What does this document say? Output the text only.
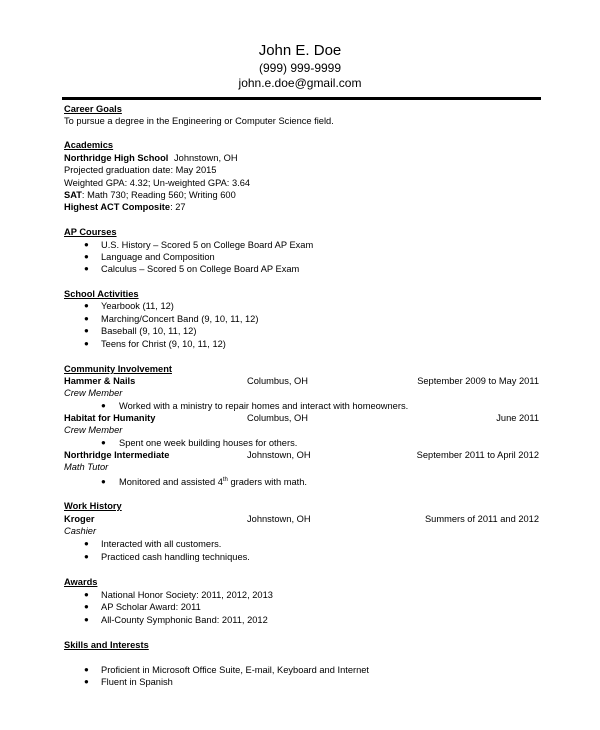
John E. Doe
(999) 999-9999
john.e.doe@gmail.com
Career Goals
To pursue a degree in the Engineering or Computer Science field.
Academics
Northridge High School Johnstown, OH
Projected graduation date: May 2015
Weighted GPA: 4.32; Un-weighted GPA: 3.64
SAT: Math 730; Reading 560; Writing 600
Highest ACT Composite: 27
AP Courses
● U.S. History – Scored 5 on College Board AP Exam
● Language and Composition
● Calculus – Scored 5 on College Board AP Exam
School Activities
● Yearbook (11, 12)
● Marching/Concert Band (9, 10, 11, 12)
● Baseball (9, 10, 11, 12)
● Teens for Christ (9, 10, 11, 12)
Community Involvement
Hammer & Nails	Columbus, OH	September 2009 to May 2011
Crew Member
● Worked with a ministry to repair homes and interact with homeowners.
Habitat for Humanity	Columbus, OH	June 2011
Crew Member
● Spent one week building houses for others.
Northridge Intermediate	Johnstown, OH	September 2011 to April 2012
Math Tutor
● Monitored and assisted 4th graders with math.
Work History
Kroger	Johnstown, OH	Summers of 2011 and 2012
Cashier
● Interacted with all customers.
● Practiced cash handling techniques.
Awards
● National Honor Society: 2011, 2012, 2013
● AP Scholar Award: 2011
● All-County Symphonic Band: 2011, 2012
Skills and Interests
● Proficient in Microsoft Office Suite, E-mail, Keyboard and Internet
● Fluent in Spanish
